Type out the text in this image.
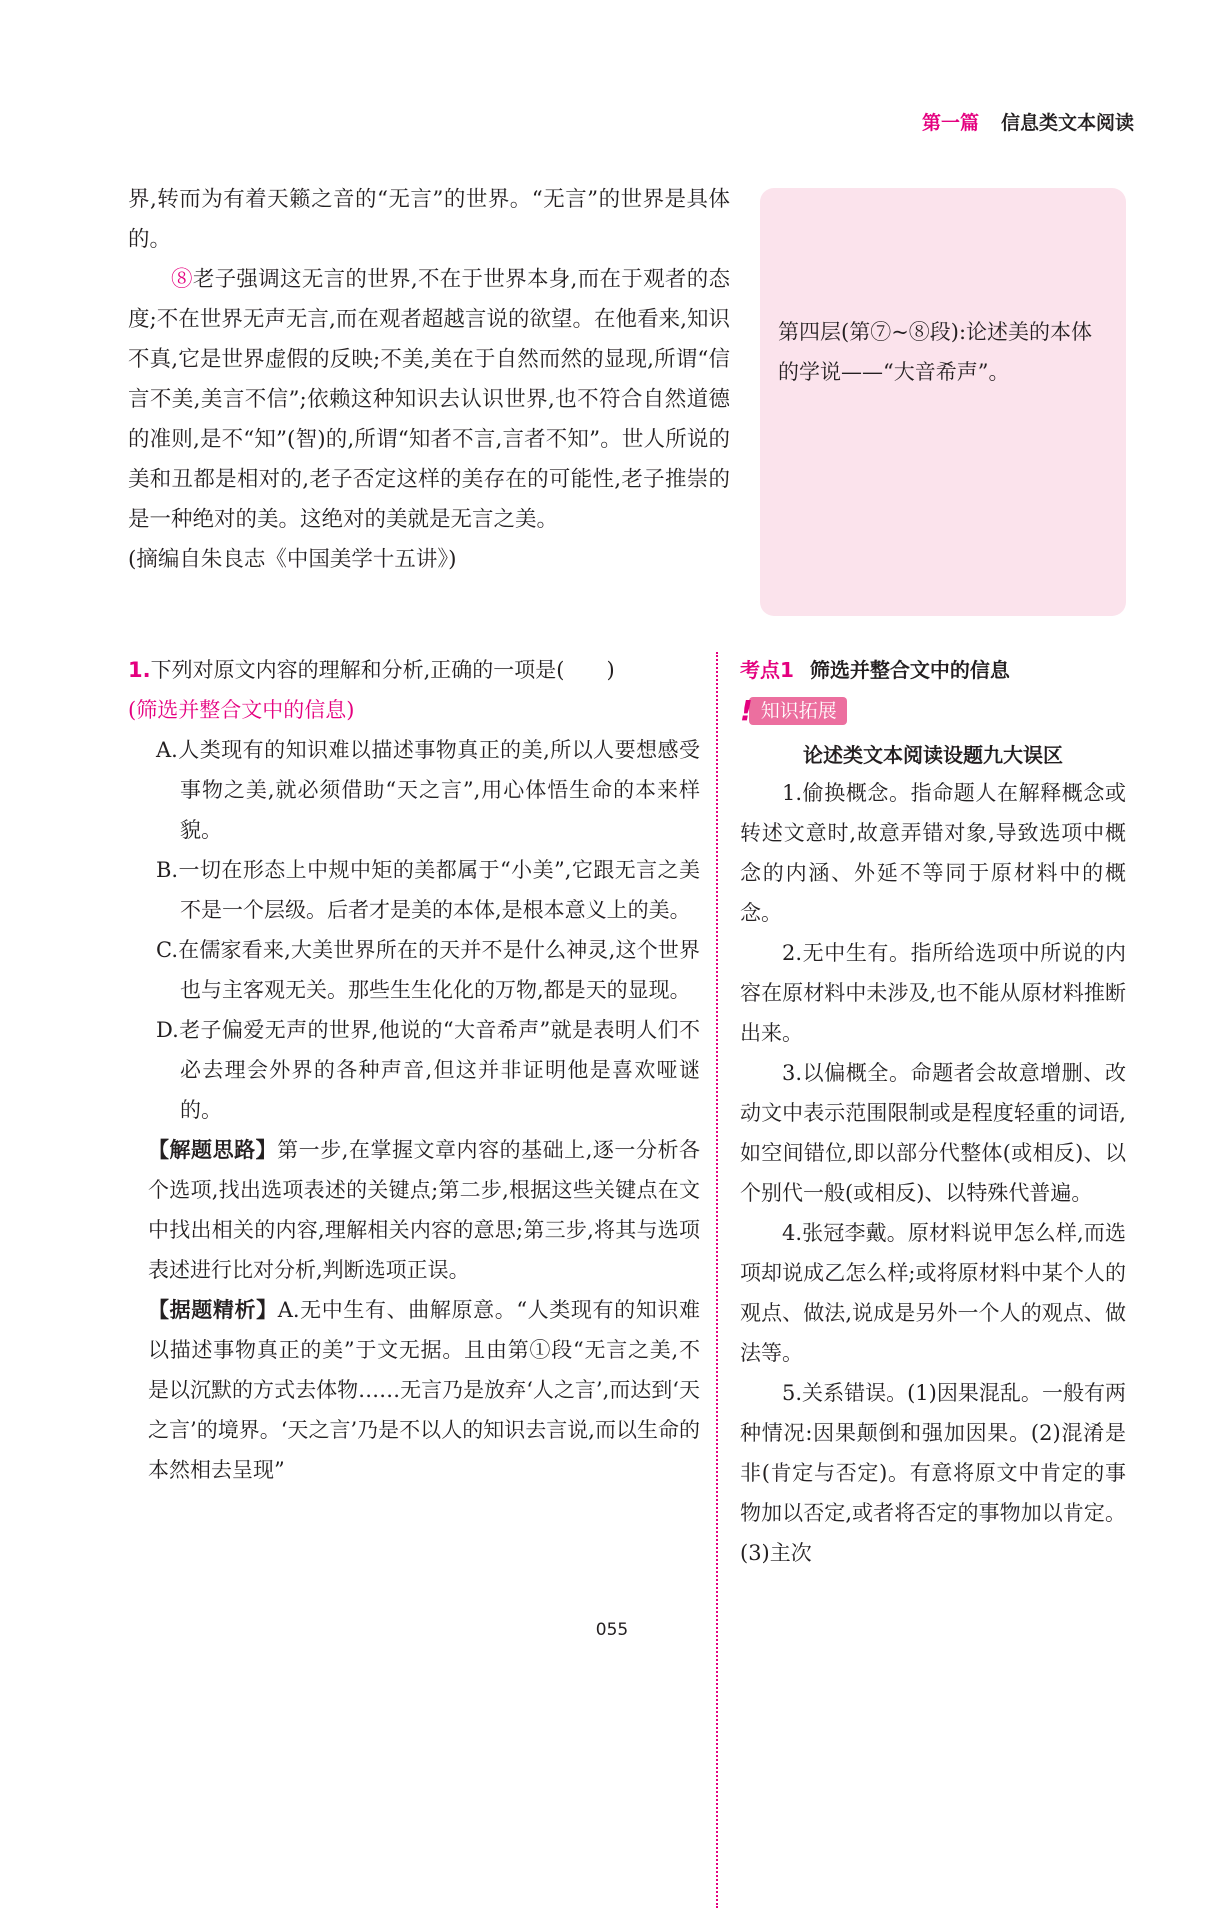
第一篇 信息类文本阅读

界,转而为有着天籁之音的“无言”的世界。“无言”的世界是具体的。

⑧老子强调这无言的世界,不在于世界本身,而在于观者的态度;不在世界无声无言,而在观者超越言说的欲望。在他看来,知识不真,它是世界虚假的反映;不美,美在于自然而然的显现,所谓“信言不美,美言不信”;依赖这种知识去认识世界,也不符合自然道德的准则,是不“知”(智)的,所谓“知者不言,言者不知”。世人所说的美和丑都是相对的,老子否定这样的美存在的可能性,老子推崇的是一种绝对的美。这绝对的美就是无言之美。

(摘编自朱良志《中国美学十五讲》)

第四层(第⑦~⑧段):论述美的本体的学说——“大音希声”。

1.下列对原文内容的理解和分析,正确的一项是(　　)

(筛选并整合文中的信息)

A.人类现有的知识难以描述事物真正的美,所以人要想感受事物之美,就必须借助“天之言”,用心体悟生命的本来样貌。

B.一切在形态上中规中矩的美都属于“小美”,它跟无言之美不是一个层级。后者才是美的本体,是根本意义上的美。

C.在儒家看来,大美世界所在的天并不是什么神灵,这个世界也与主客观无关。那些生生化化的万物,都是天的显现。

D.老子偏爱无声的世界,他说的“大音希声”就是表明人们不必去理会外界的各种声音,但这并非证明他是喜欢哑谜的。

【解题思路】第一步,在掌握文章内容的基础上,逐一分析各个选项,找出选项表述的关键点;第二步,根据这些关键点在文中找出相关的内容,理解相关内容的意思;第三步,将其与选项表述进行比对分析,判断选项正误。

【据题精析】A.无中生有、曲解原意。“人类现有的知识难以描述事物真正的美”于文无据。且由第①段“无言之美,不是以沉默的方式去体物……无言乃是放弃‘人之言’,而达到‘天之言’的境界。‘天之言’乃是不以人的知识去言说,而以生命的本然相去呈现”

考点1 筛选并整合文中的信息
! 知识拓展
论述类文本阅读设题九大误区

1.偷换概念。指命题人在解释概念或转述文意时,故意弄错对象,导致选项中概念的内涵、外延不等同于原材料中的概念。

2.无中生有。指所给选项中所说的内容在原材料中未涉及,也不能从原材料推断出来。

3.以偏概全。命题者会故意增删、改动文中表示范围限制或是程度轻重的词语,如空间错位,即以部分代整体(或相反)、以个别代一般(或相反)、以特殊代普遍。

4.张冠李戴。原材料说甲怎么样,而选项却说成乙怎么样;或将原材料中某个人的观点、做法,说成是另外一个人的观点、做法等。

5.关系错误。(1)因果混乱。一般有两种情况:因果颠倒和强加因果。(2)混淆是非(肯定与否定)。有意将原文中肯定的事物加以否定,或者将否定的事物加以肯定。(3)主次

055
